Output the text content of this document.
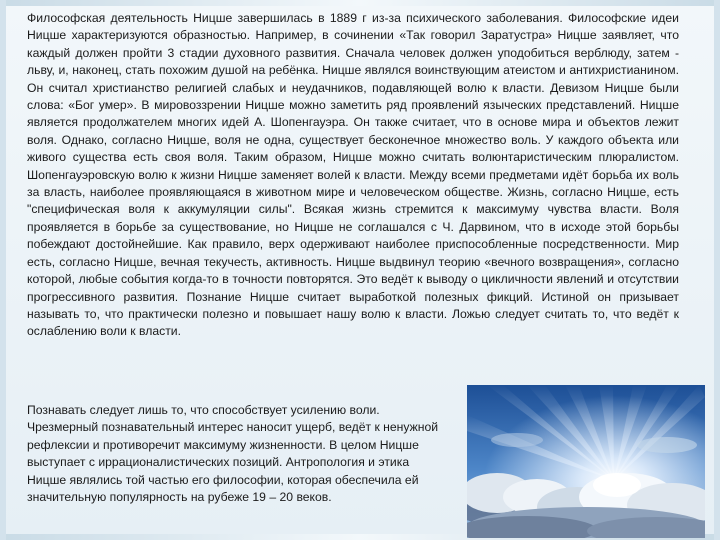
Философская деятельность Ницше завершилась в 1889 г из-за психического заболевания. Философские идеи Ницше характеризуются образностью. Например, в сочинении «Так говорил Заратустра» Ницше заявляет, что каждый должен пройти 3 стадии духовного развития. Сначала человек должен уподобиться верблюду, затем - льву, и, наконец, стать похожим душой на ребёнка. Ницше являлся воинствующим атеистом и антихристианином. Он считал христианство религией слабых и неудачников, подавляющей волю к власти. Девизом Ницше были слова: «Бог умер». В мировоззрении Ницше можно заметить ряд проявлений языческих представлений. Ницше является продолжателем многих идей А. Шопенгауэра. Он также считает, что в основе мира и объектов лежит воля. Однако, согласно Ницше, воля не одна, существует бесконечное множество воль. У каждого объекта или живого существа есть своя воля. Таким образом, Ницше можно считать волюнтаристическим плюралистом. Шопенгауэровскую волю к жизни Ницше заменяет волей к власти. Между всеми предметами идёт борьба их воль за власть, наиболее проявляющаяся в животном мире и человеческом обществе. Жизнь, согласно Ницше, есть "специфическая воля к аккумуляции силы". Всякая жизнь стремится к максимуму чувства власти. Воля проявляется в борьбе за существование, но Ницше не соглашался с Ч. Дарвином, что в исходе этой борьбы побеждают достойнейшие. Как правило, верх одерживают наиболее приспособленные посредственности. Мир есть, согласно Ницше, вечная текучесть, активность. Ницше выдвинул теорию «вечного возвращения», согласно которой, любые события когда-то в точности повторятся. Это ведёт к выводу о цикличности явлений и отсутствии прогрессивного развития. Познание Ницше считает выработкой полезных фикций. Истиной он призывает называть то, что практически полезно и повышает нашу волю к власти. Ложью следует считать то, что ведёт к ослаблению воли к власти.
Познавать следует лишь то, что способствует усилению воли. Чрезмерный познавательный интерес наносит ущерб, ведёт к ненужной рефлексии и противоречит максимуму жизненности. В целом Ницше выступает с иррационалистических позиций. Антропология и этика Ницше являлись той частью его философии, которая обеспечила ей значительную популярность на рубеже 19 – 20 веков.
